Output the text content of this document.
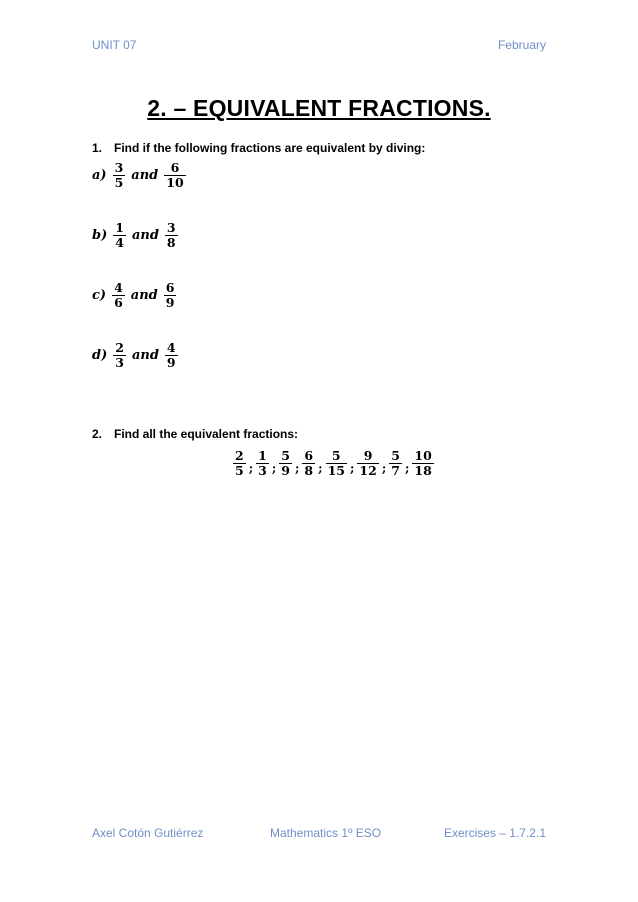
UNIT 07	February
2. – EQUIVALENT FRACTIONS.
1. Find if the following fractions are equivalent by diving:
$a) \frac{3}{5}$ and $\frac{6}{10}$
$b) \frac{1}{4}$ and $\frac{3}{8}$
$c) \frac{4}{6}$ and $\frac{6}{9}$
$d) \frac{2}{3}$ and $\frac{4}{9}$
2. Find all the equivalent fractions:
$\frac{2}{5}$ ; $\frac{1}{3}$ ; $\frac{5}{9}$ ; $\frac{6}{8}$ ; $\frac{5}{15}$ ; $\frac{9}{12}$ ; $\frac{5}{7}$ ; $\frac{10}{18}$
Axel Cotón Gutiérrez	Mathematics 1º ESO	Exercises – 1.7.2.1
